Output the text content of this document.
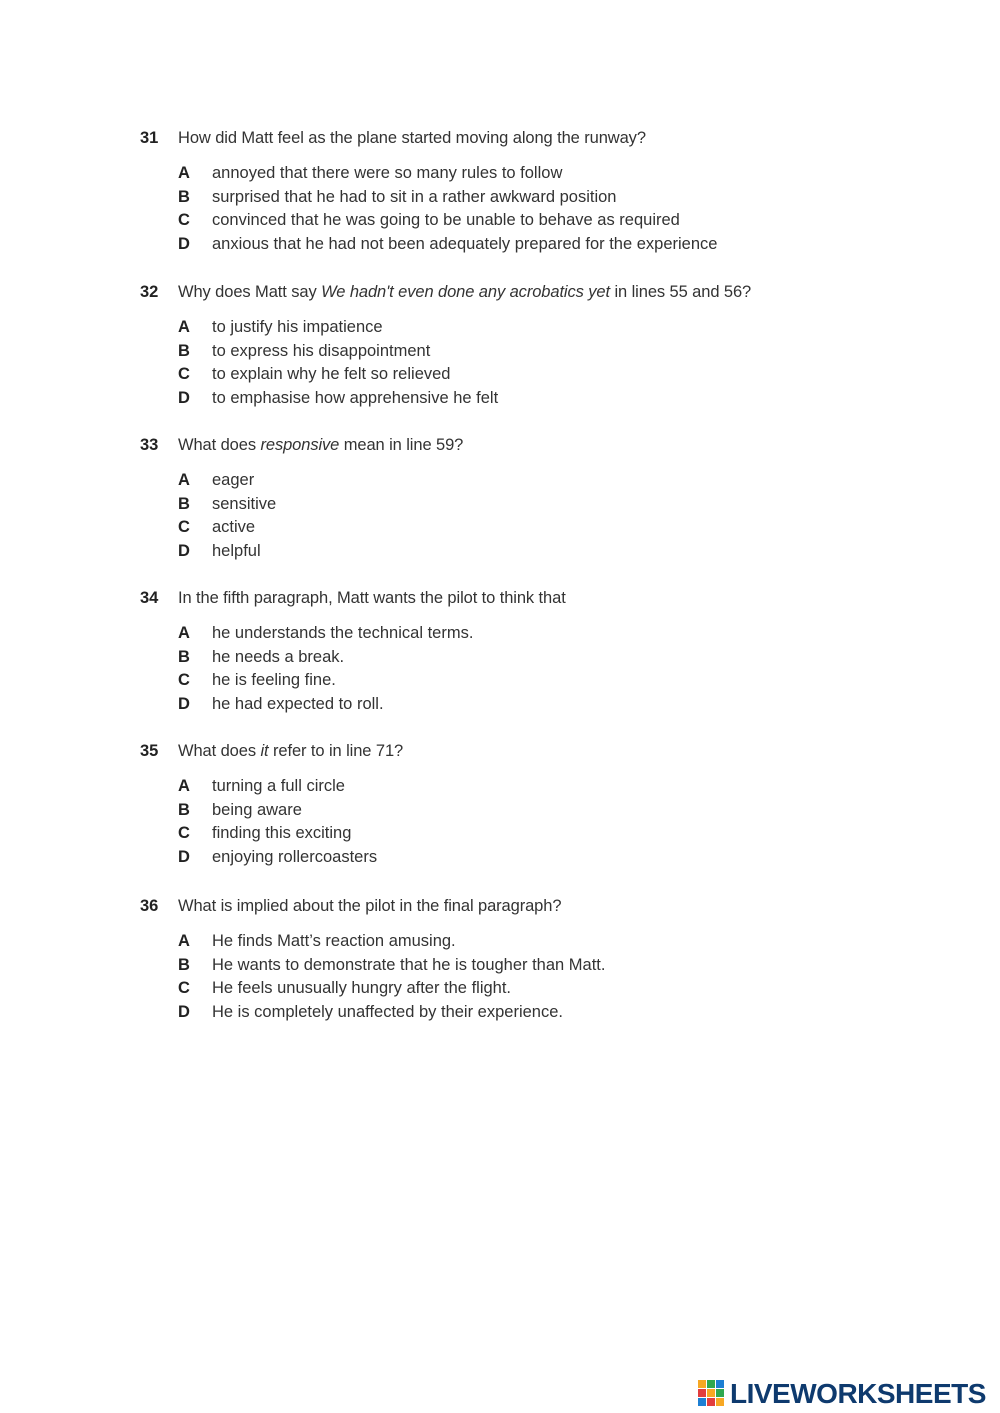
31	How did Matt feel as the plane started moving along the runway?
A	annoyed that there were so many rules to follow
B	surprised that he had to sit in a rather awkward position
C	convinced that he was going to be unable to behave as required
D	anxious that he had not been adequately prepared for the experience
32	Why does Matt say We hadn't even done any acrobatics yet in lines 55 and 56?
A	to justify his impatience
B	to express his disappointment
C	to explain why he felt so relieved
D	to emphasise how apprehensive he felt
33	What does responsive mean in line 59?
A	eager
B	sensitive
C	active
D	helpful
34	In the fifth paragraph, Matt wants the pilot to think that
A	he understands the technical terms.
B	he needs a break.
C	he is feeling fine.
D	he had expected to roll.
35	What does it refer to in line 71?
A	turning a full circle
B	being aware
C	finding this exciting
D	enjoying rollercoasters
36	What is implied about the pilot in the final paragraph?
A	He finds Matt’s reaction amusing.
B	He wants to demonstrate that he is tougher than Matt.
C	He feels unusually hungry after the flight.
D	He is completely unaffected by their experience.
LIVEWORKSHEETS
